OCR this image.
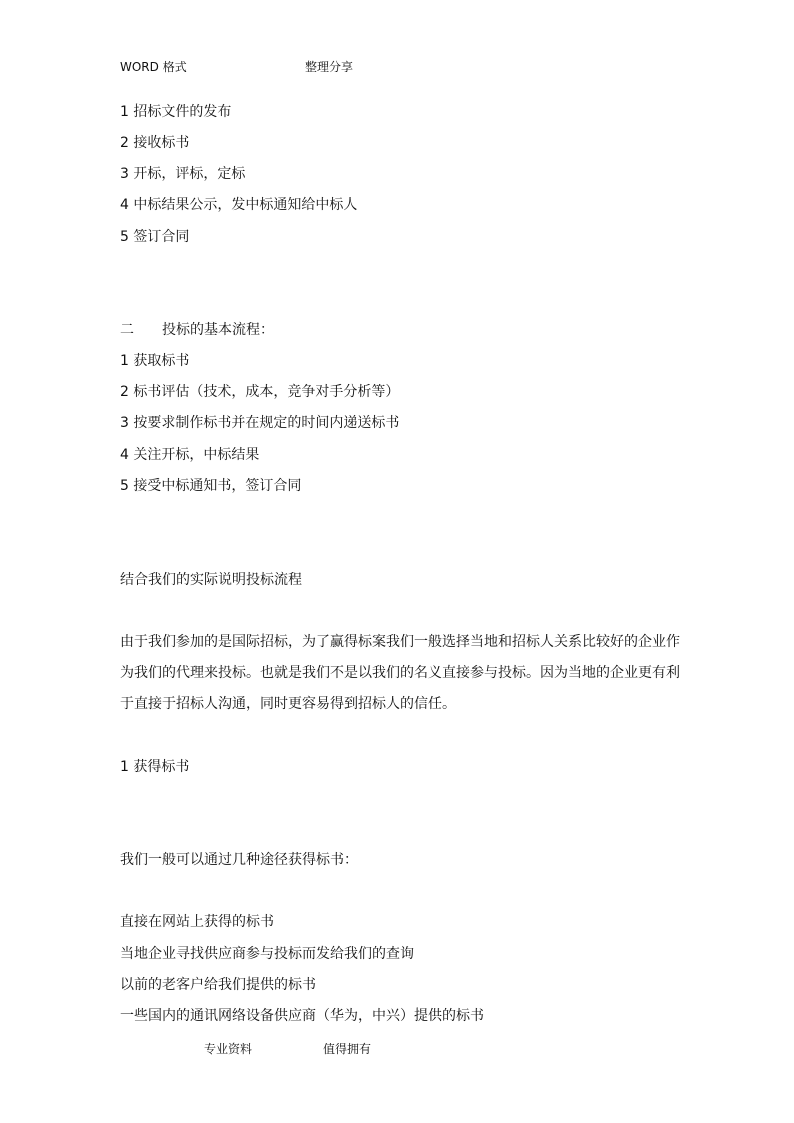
WORD 格式	整理分享
1 招标文件的发布
2 接收标书
3 开标，评标，定标
4 中标结果公示，发中标通知给中标人
5 签订合同
二 投标的基本流程：
1 获取标书
2 标书评估（技术，成本，竞争对手分析等）
3 按要求制作标书并在规定的时间内递送标书
4 关注开标，中标结果
5 接受中标通知书，签订合同
结合我们的实际说明投标流程
由于我们参加的是国际招标，为了赢得标案我们一般选择当地和招标人关系比较好的企业作
为我们的代理来投标。也就是我们不是以我们的名义直接参与投标。因为当地的企业更有利
于直接于招标人沟通，同时更容易得到招标人的信任。
1 获得标书
我们一般可以通过几种途径获得标书：
直接在网站上获得的标书
当地企业寻找供应商参与投标而发给我们的查询
以前的老客户给我们提供的标书
一些国内的通讯网络设备供应商（华为，中兴）提供的标书
专业资料	值得拥有
